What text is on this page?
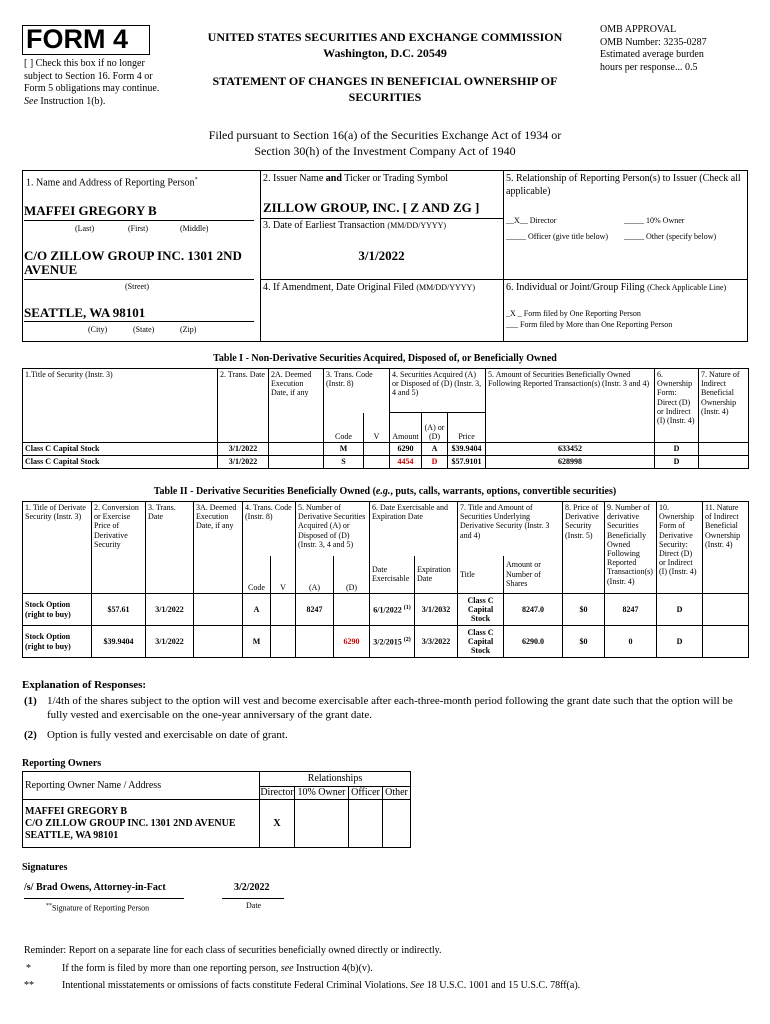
FORM 4
[ ] Check this box if no longer subject to Section 16. Form 4 or Form 5 obligations may continue. See Instruction 1(b).
UNITED STATES SECURITIES AND EXCHANGE COMMISSION
Washington, D.C. 20549
STATEMENT OF CHANGES IN BENEFICIAL OWNERSHIP OF
SECURITIES
OMB APPROVAL
OMB Number: 3235-0287
Estimated average burden
hours per response... 0.5
Filed pursuant to Section 16(a) of the Securities Exchange Act of 1934 or
Section 30(h) of the Investment Company Act of 1940
1. Name and Address of Reporting Person*
MAFFEI GREGORY B
(Last)	(First)	(Middle)
C/O ZILLOW GROUP INC. 1301 2ND AVENUE
(Street)
SEATTLE, WA 98101
(City)	(State)	(Zip)
2. Issuer Name and Ticker or Trading Symbol
ZILLOW GROUP, INC. [ Z AND ZG ]
3. Date of Earliest Transaction (MM/DD/YYYY)
3/1/2022
4. If Amendment, Date Original Filed (MM/DD/YYYY)
5. Relationship of Reporting Person(s) to Issuer (Check all applicable)
__X__ Director	_____ 10% Owner
_____ Officer (give title below) _____ Other (specify below)
6. Individual or Joint/Group Filing (Check Applicable Line)
_X _ Form filed by One Reporting Person
___ Form filed by More than One Reporting Person
Table I - Non-Derivative Securities Acquired, Disposed of, or Beneficially Owned
1.Title of Security (Instr. 3)	2. Trans. Date	2A. Deemed Execution Date, if any	3. Trans. Code (Instr. 8)		4. Securities Acquired (A) or Disposed of (D) (Instr. 3, 4 and 5)			5. Amount of Securities Beneficially Owned Following Reported Transaction(s) (Instr. 3 and 4)	6. Ownership Form: Direct (D) or Indirect (I) (Instr. 4)	7. Nature of Indirect Beneficial Ownership (Instr. 4)
			Code	V	Amount	(A) or (D)	Price			
Class C Capital Stock	3/1/2022		M		6290	A	$39.9404	633452	D	
Class C Capital Stock	3/1/2022		S		4454	D	$57.9101	628998	D	
Table II - Derivative Securities Beneficially Owned (e.g., puts, calls, warrants, options, convertible securities)
1. Title of Derivate Security (Instr. 3)	2. Conversion or Exercise Price of Derivative Security	3. Trans. Date	3A. Deemed Execution Date, if any	4. Trans. Code (Instr. 8)		5. Number of Derivative Securities Acquired (A) or Disposed of (D) (Instr. 3, 4 and 5)		6. Date Exercisable and Expiration Date		7. Title and Amount of Securities Underlying Derivative Security (Instr. 3 and 4)		8. Price of Derivative Security (Instr. 5)	9. Number of derivative Securities Beneficially Owned Following Reported Transaction(s) (Instr. 4)	10. Ownership Form of Derivative Security: Direct (D) or Indirect (I) (Instr. 4)	11. Nature of Indirect Beneficial Ownership (Instr. 4)
				Code	V	(A)	(D)	Date Exercisable	Expiration Date	Title	Amount or Number of Shares				
Stock Option (right to buy)	$57.61	3/1/2022		A		8247		6/1/2022 $^{(1)}$	3/1/2032	Class C Capital Stock	8247.0	$0	8247	D	
Stock Option (right to buy)	$39.9404	3/1/2022		M			6290	3/2/2015 $^{(2)}$	3/3/2022	Class C Capital Stock	6290.0	$0	0	D	
Explanation of Responses:
(1) 1/4th of the shares subject to the option will vest and become exercisable after each-three-month period following the grant date such that the option will be fully vested and exercisable on the one-year anniversary of the grant date.
(2) Option is fully vested and exercisable on date of grant.
Reporting Owners
Reporting Owner Name / Address	Relationships			
	Director	10% Owner	Officer	Other

MAFFEI GREGORY B
C/O ZILLOW GROUP INC. 1301 2ND AVENUE
SEATTLE, WA 98101	X			
Signatures
/s/ Brad Owens, Attorney-in-Fact
**Signature of Reporting Person
3/2/2022
Date
Reminder: Report on a separate line for each class of securities beneficially owned directly or indirectly.
*	If the form is filed by more than one reporting person, see Instruction 4(b)(v).
**	Intentional misstatements or omissions of facts constitute Federal Criminal Violations. See 18 U.S.C. 1001 and 15 U.S.C. 78ff(a).
